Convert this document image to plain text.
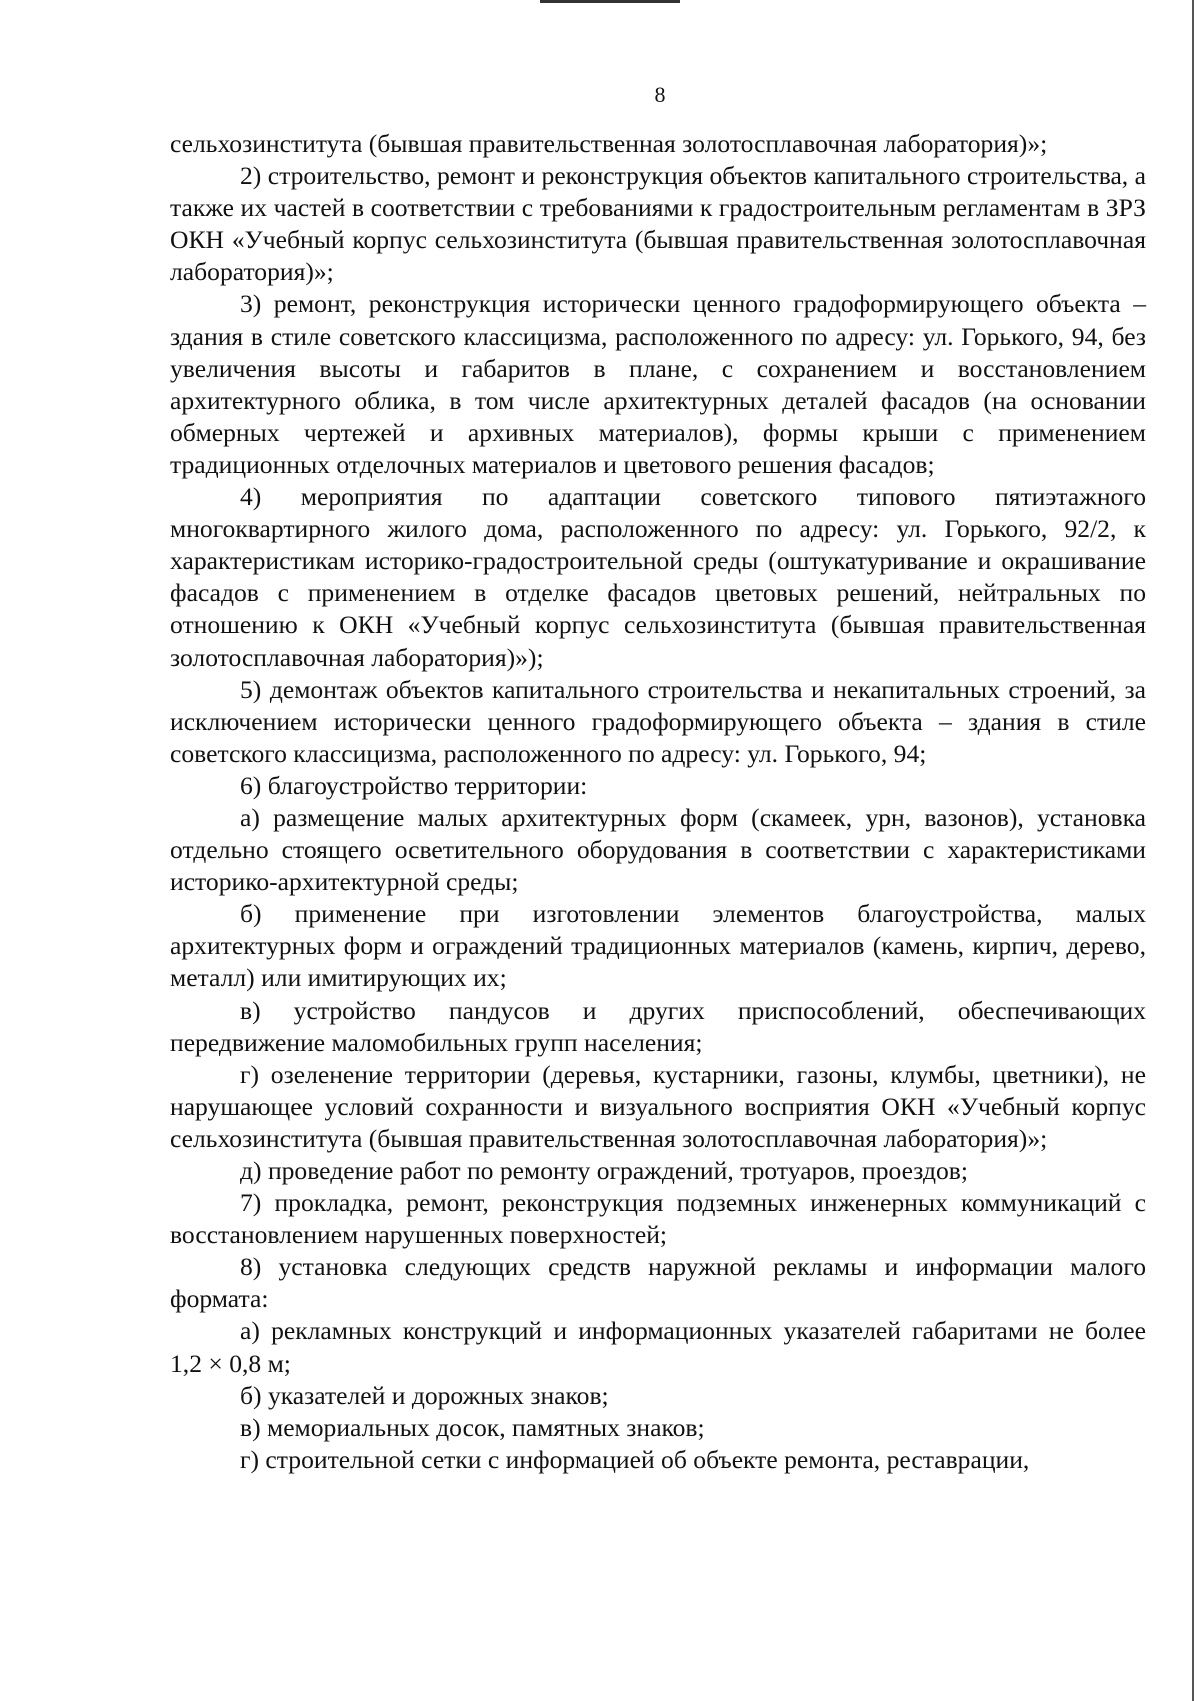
8

сельхозинститута (бывшая правительственная золотосплавочная лаборатория)»;

2) строительство, ремонт и реконструкция объектов капитального строительства, а также их частей в соответствии с требованиями к градостроительным регламентам в ЗРЗ ОКН «Учебный корпус сельхозинститута (бывшая правительственная золотосплавочная лаборатория)»;

3) ремонт, реконструкция исторически ценного градоформирующего объекта – здания в стиле советского классицизма, расположенного по адресу: ул. Горького, 94, без увеличения высоты и габаритов в плане, с сохранением и восстановлением архитектурного облика, в том числе архитектурных деталей фасадов (на основании обмерных чертежей и архивных материалов), формы крыши с применением традиционных отделочных материалов и цветового решения фасадов;

4) мероприятия по адаптации советского типового пятиэтажного многоквартирного жилого дома, расположенного по адресу: ул. Горького, 92/2, к характеристикам историко-градостроительной среды (оштукатуривание и окрашивание фасадов с применением в отделке фасадов цветовых решений, нейтральных по отношению к ОКН «Учебный корпус сельхозинститута (бывшая правительственная золотосплавочная лаборатория)»);

5) демонтаж объектов капитального строительства и некапитальных строений, за исключением исторически ценного градоформирующего объекта – здания в стиле советского классицизма, расположенного по адресу: ул. Горького, 94;

6) благоустройство территории:

а) размещение малых архитектурных форм (скамеек, урн, вазонов), установка отдельно стоящего осветительного оборудования в соответствии с характеристиками историко-архитектурной среды;

б) применение при изготовлении элементов благоустройства, малых архитектурных форм и ограждений традиционных материалов (камень, кирпич, дерево, металл) или имитирующих их;

в) устройство пандусов и других приспособлений, обеспечивающих передвижение маломобильных групп населения;

г) озеленение территории (деревья, кустарники, газоны, клумбы, цветники), не нарушающее условий сохранности и визуального восприятия ОКН «Учебный корпус сельхозинститута (бывшая правительственная золотосплавочная лаборатория)»;

д) проведение работ по ремонту ограждений, тротуаров, проездов;

7) прокладка, ремонт, реконструкция подземных инженерных коммуникаций с восстановлением нарушенных поверхностей;

8) установка следующих средств наружной рекламы и информации малого формата:

а) рекламных конструкций и информационных указателей габаритами не более 1,2 × 0,8 м;

б) указателей и дорожных знаков;

в) мемориальных досок, памятных знаков;

г) строительной сетки с информацией об объекте ремонта, реставрации,
